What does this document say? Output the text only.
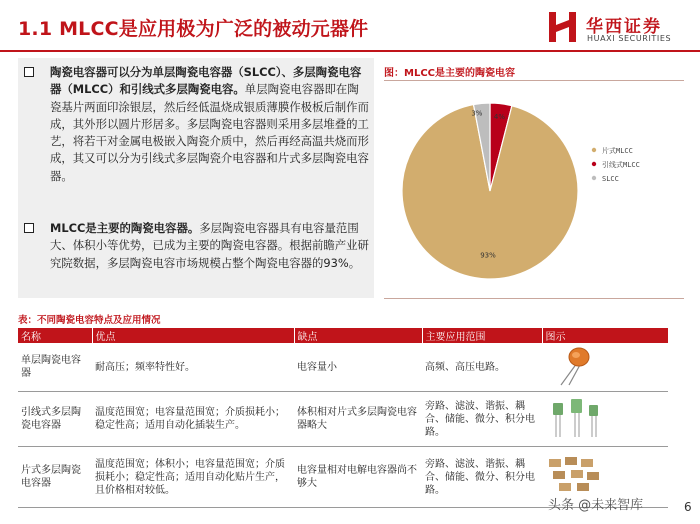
1.1 MLCC是应用极为广泛的被动元器件	华西证券
HUAXI SECURITIES
陶瓷电容器可以分为单层陶瓷电容器（SLCC）、多层陶瓷电容器（MLCC）和引线式多层陶瓷电容。单层陶瓷电容器即在陶瓷基片两面印涂银层，然后经低温烧成银质薄膜作极板后制作而成，其外形以圆片形居多。多层陶瓷电容器则采用多层堆叠的工艺，将若干对金属电极嵌入陶瓷介质中，然后再经高温共烧而形成，其又可以分为引线式多层陶瓷介电容器和片式多层陶瓷电容器。
MLCC是主要的陶瓷电容器。多层陶瓷电容器具有电容量范围大、体积小等优势，已成为主要的陶瓷电容器。根据前瞻产业研究院数据，多层陶瓷电容市场规模占整个陶瓷电容器的93%。
图：MLCC是主要的陶瓷电容
4%
93%
3%
片式MLCC
引线式MLCC
SLCC
表：不同陶瓷电容特点及应用情况
名称	优点	缺点	主要应用范围	图示
单层陶瓷电容器	耐高压；频率特性好。	电容量小	高频、高压电路。	
引线式多层陶瓷电容器	温度范围宽；电容量范围宽；介质损耗小；稳定性高；适用自动化插装生产。	体积相对片式多层陶瓷电容器略大	旁路、滤波、谐振、耦合、储能、微分、积分电路。	
片式多层陶瓷电容器	温度范围宽；体积小；电容量范围宽；介质损耗小；稳定性高；适用自动化贴片生产，且价格相对较低。	电容量相对电解电容器尚不够大	旁路、滤波、谐振、耦合、储能、微分、积分电路。	
头条 @未来智库	6
